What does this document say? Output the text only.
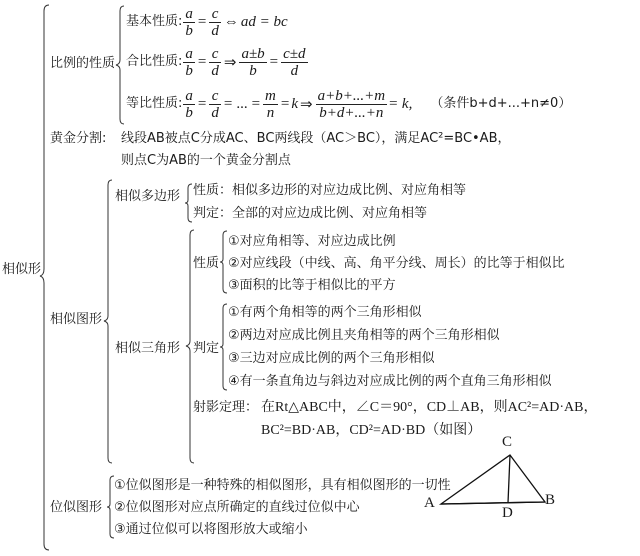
相似形
比例的性质
基本性质: $\frac{a}{b} = \frac{c}{d}$ ⇔ ad = bc
合比性质: $\frac{a}{b} = \frac{c}{d}$ ⇒ $\frac{a\pm b}{b} = \frac{c\pm d}{d}$
等比性质: $\frac{a}{b} = \frac{c}{d}$ = ... = $\frac{m}{n} = k$ ⇒ $\frac{a+b+...+m}{b+d+...+n} = k$, （条件b+d+...+n≠0）
黄金分割: 线段AB被点C分成AC、BC两线段（AC＞BC），满足AC²=BC•AB，
则点C为AB的一个黄金分割点
相似图形
相似多边形 性质：相似多边形的对应边成比例、对应角相等
判定：全部的对应边成比例、对应角相等
相似三角形
性质
①对应角相等、对应边成比例
②对应线段（中线、高、角平分线、周长）的比等于相似比
③面积的比等于相似比的平方
判定
①有两个角相等的两个三角形相似
②两边对应成比例且夹角相等的两个三角形相似
③三边对应成比例的两个三角形相似
④有一条直角边与斜边对应成比例的两个直角三角形相似
射影定理： 在Rt△ABC中，∠C＝90°，CD⊥AB，则AC²=AD·AB，
BC²=BD·AB，CD²=AD·BD（如图）
位似图形
①位似图形是一种特殊的相似图形，具有相似图形的一切性
②位似图形对应点所确定的直线过位似中心
③通过位似可以将图形放大或缩小
C
A	B
D
